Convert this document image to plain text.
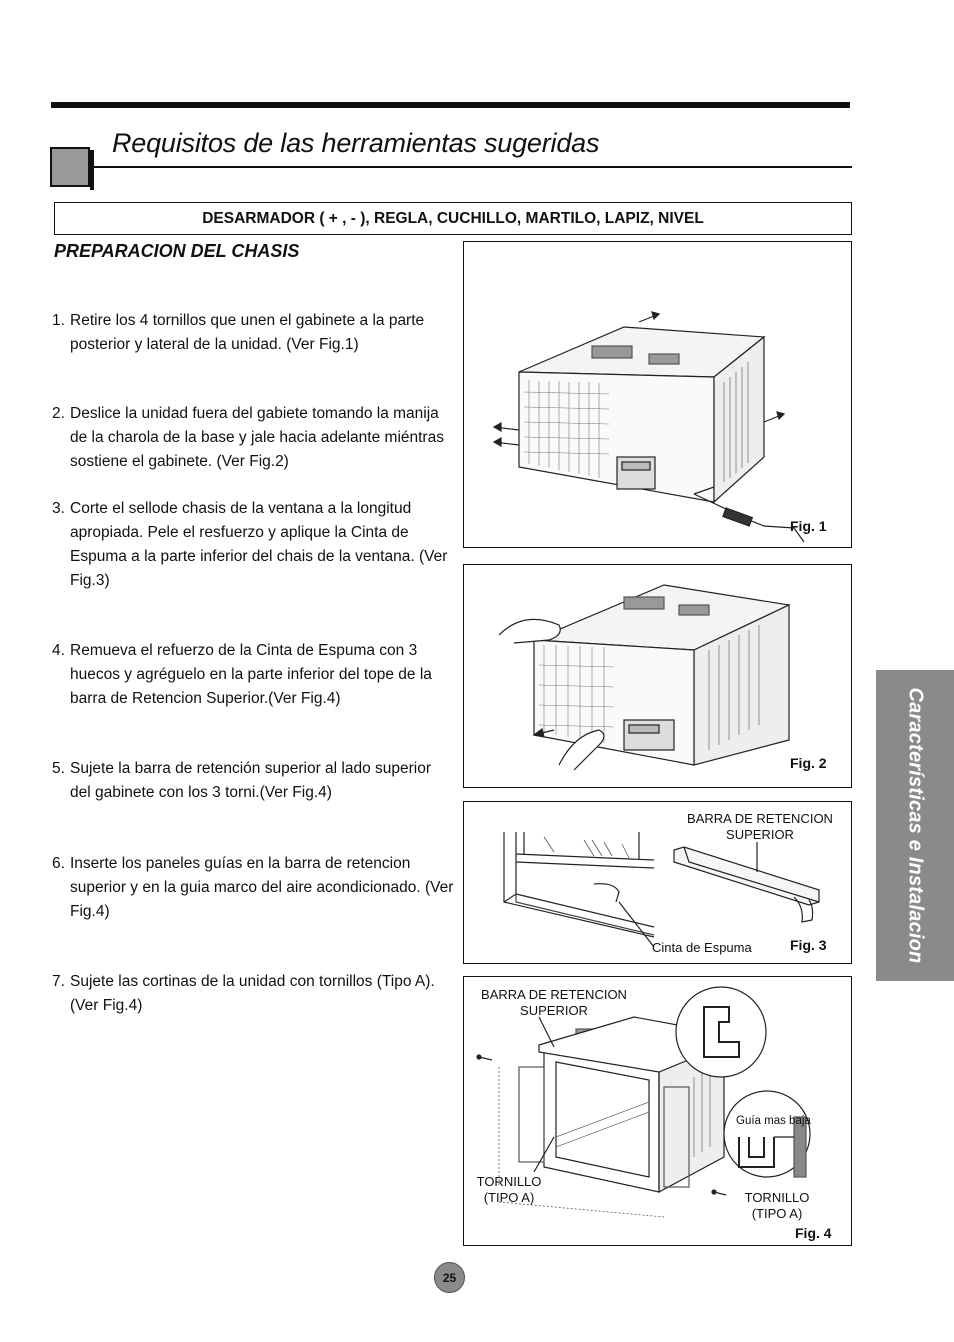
Requisitos de las herramientas sugeridas
DESARMADOR ( + , - ), REGLA, CUCHILLO, MARTILO, LAPIZ, NIVEL
PREPARACION DEL CHASIS
1. Retire los 4 tornillos que unen el gabinete a la parte posterior y lateral de la unidad. (Ver Fig.1)
2. Deslice la unidad fuera del gabiete tomando la manija de la charola de la base y jale hacia adelante miéntras sostiene el gabinete. (Ver Fig.2)
3. Corte el sellode chasis de la ventana a la longitud apropiada. Pele el resfuerzo y aplique la Cinta de Espuma a la parte inferior del chais de la ventana. (Ver Fig.3)
4. Remueva el refuerzo de la Cinta de Espuma con 3 huecos y agréguelo en la parte inferior del tope de la barra de Retencion Superior.(Ver Fig.4)
5. Sujete la barra de retención superior al lado superior del gabinete con los 3 torni.(Ver Fig.4)
6. Inserte los paneles guías en la barra de retencion superior y en la guia marco del aire acondicionado. (Ver Fig.4)
7. Sujete las cortinas de la unidad con tornillos (Tipo A).(Ver Fig.4)
Fig. 1
Fig. 2
BARRA DE RETENCION
SUPERIOR
Cinta de Espuma	Fig. 3
BARRA DE RETENCION
SUPERIOR
Guía mas baja
TORNILLO
(TIPO A)	TORNILLO
(TIPO A)
Fig. 4
Características e Instalacion
25
